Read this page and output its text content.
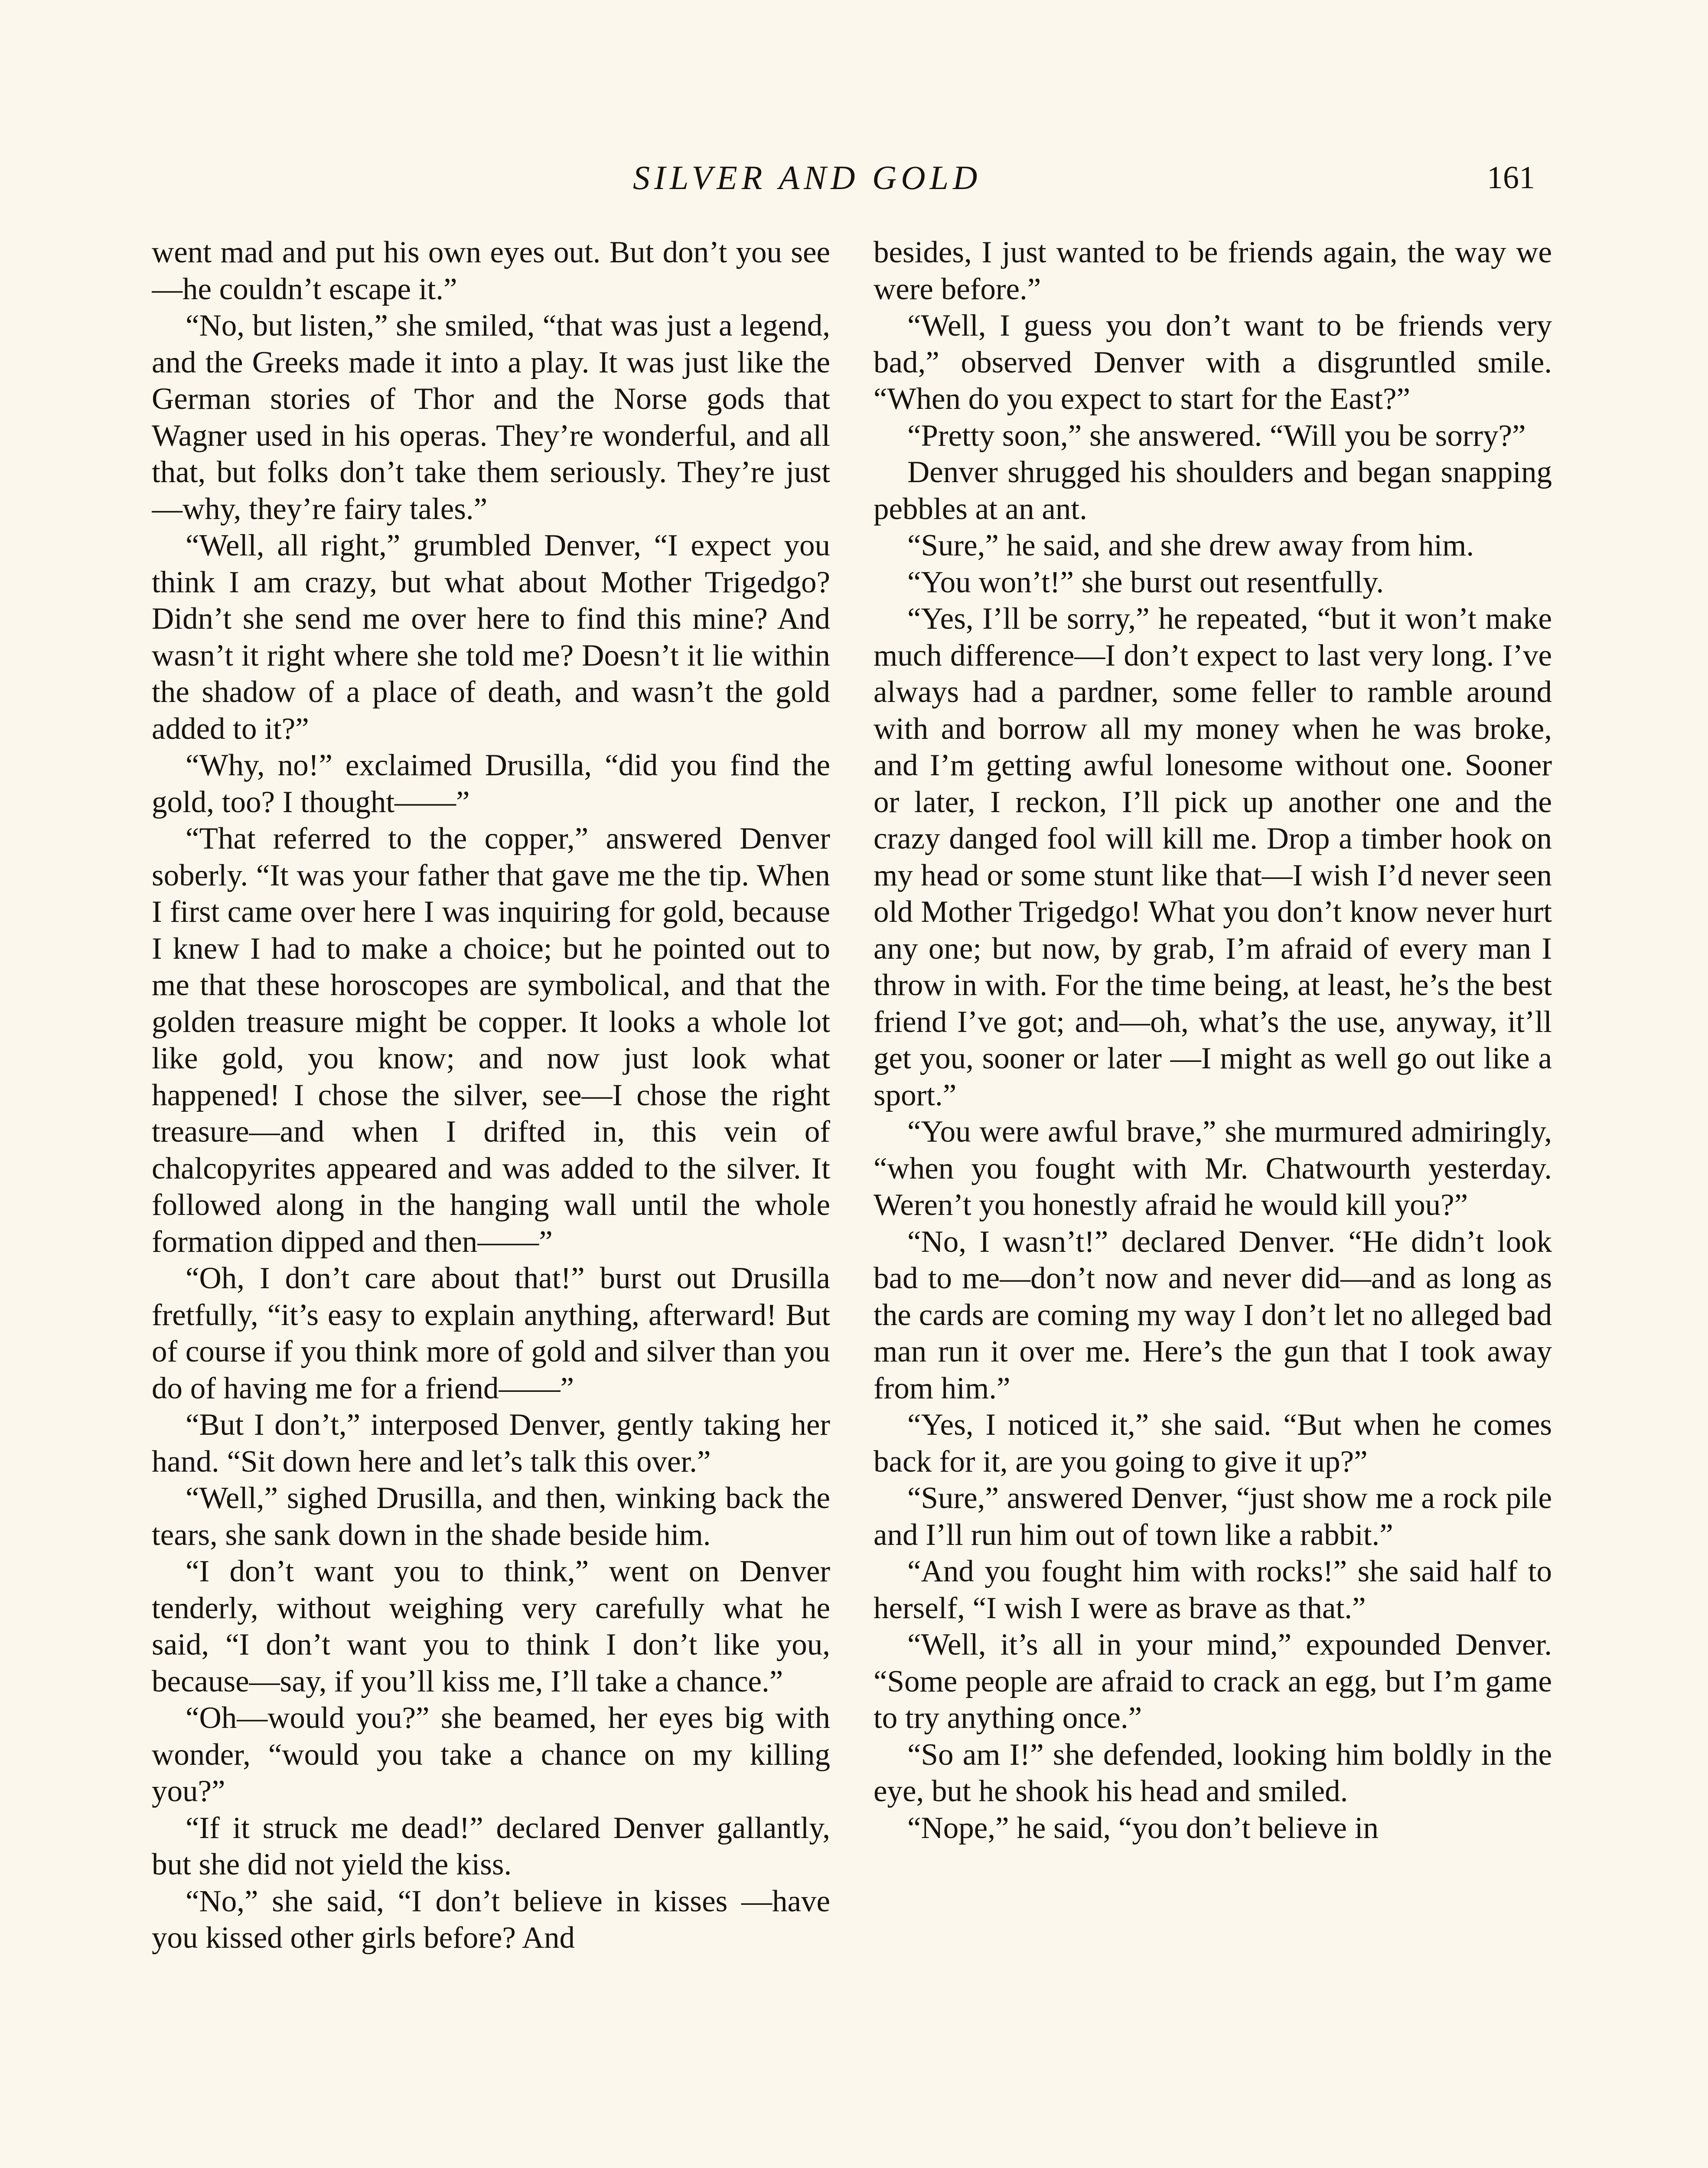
SILVER AND GOLD	161

went mad and put his own eyes out. But don’t you see—he couldn’t escape it.”

“No, but listen,” she smiled, “that was just a legend, and the Greeks made it into a play. It was just like the German stories of Thor and the Norse gods that Wagner used in his operas. They’re wonderful, and all that, but folks don’t take them seriously. They’re just—why, they’re fairy tales.”

“Well, all right,” grumbled Denver, “I expect you think I am crazy, but what about Mother Trigedgo? Didn’t she send me over here to find this mine? And wasn’t it right where she told me? Doesn’t it lie within the shadow of a place of death, and wasn’t the gold added to it?”

“Why, no!” exclaimed Drusilla, “did you find the gold, too? I thought——”

“That referred to the copper,” answered Denver soberly. “It was your father that gave me the tip. When I first came over here I was inquiring for gold, because I knew I had to make a choice; but he pointed out to me that these horoscopes are symbolical, and that the golden treasure might be copper. It looks a whole lot like gold, you know; and now just look what happened! I chose the silver, see—I chose the right treasure—and when I drifted in, this vein of chalcopyrites appeared and was added to the silver. It followed along in the hanging wall until the whole formation dipped and then——”

“Oh, I don’t care about that!” burst out Drusilla fretfully, “it’s easy to explain anything, afterward! But of course if you think more of gold and silver than you do of having me for a friend——”

“But I don’t,” interposed Denver, gently taking her hand. “Sit down here and let’s talk this over.”

“Well,” sighed Drusilla, and then, winking back the tears, she sank down in the shade beside him.

“I don’t want you to think,” went on Denver tenderly, without weighing very carefully what he said, “I don’t want you to think I don’t like you, because—say, if you’ll kiss me, I’ll take a chance.”

“Oh—would you?” she beamed, her eyes big with wonder, “would you take a chance on my killing you?”

“If it struck me dead!” declared Denver gallantly, but she did not yield the kiss.

“No,” she said, “I don’t believe in kisses —have you kissed other girls before? And

besides, I just wanted to be friends again, the way we were before.”

“Well, I guess you don’t want to be friends very bad,” observed Denver with a disgruntled smile. “When do you expect to start for the East?”

“Pretty soon,” she answered. “Will you be sorry?”

Denver shrugged his shoulders and began snapping pebbles at an ant.

“Sure,” he said, and she drew away from him.

“You won’t!” she burst out resentfully.

“Yes, I’ll be sorry,” he repeated, “but it won’t make much difference—I don’t expect to last very long. I’ve always had a pardner, some feller to ramble around with and borrow all my money when he was broke, and I’m getting awful lonesome without one. Sooner or later, I reckon, I’ll pick up another one and the crazy danged fool will kill me. Drop a timber hook on my head or some stunt like that—I wish I’d never seen old Mother Trigedgo! What you don’t know never hurt any one; but now, by grab, I’m afraid of every man I throw in with. For the time being, at least, he’s the best friend I’ve got; and—oh, what’s the use, anyway, it’ll get you, sooner or later —I might as well go out like a sport.”

“You were awful brave,” she murmured admiringly, “when you fought with Mr. Chatwourth yesterday. Weren’t you honestly afraid he would kill you?”

“No, I wasn’t!” declared Denver. “He didn’t look bad to me—don’t now and never did—and as long as the cards are coming my way I don’t let no alleged bad man run it over me. Here’s the gun that I took away from him.”

“Yes, I noticed it,” she said. “But when he comes back for it, are you going to give it up?”

“Sure,” answered Denver, “just show me a rock pile and I’ll run him out of town like a rabbit.”

“And you fought him with rocks!” she said half to herself, “I wish I were as brave as that.”

“Well, it’s all in your mind,” expounded Denver. “Some people are afraid to crack an egg, but I’m game to try anything once.”

“So am I!” she defended, looking him boldly in the eye, but he shook his head and smiled.

“Nope,” he said, “you don’t believe in
